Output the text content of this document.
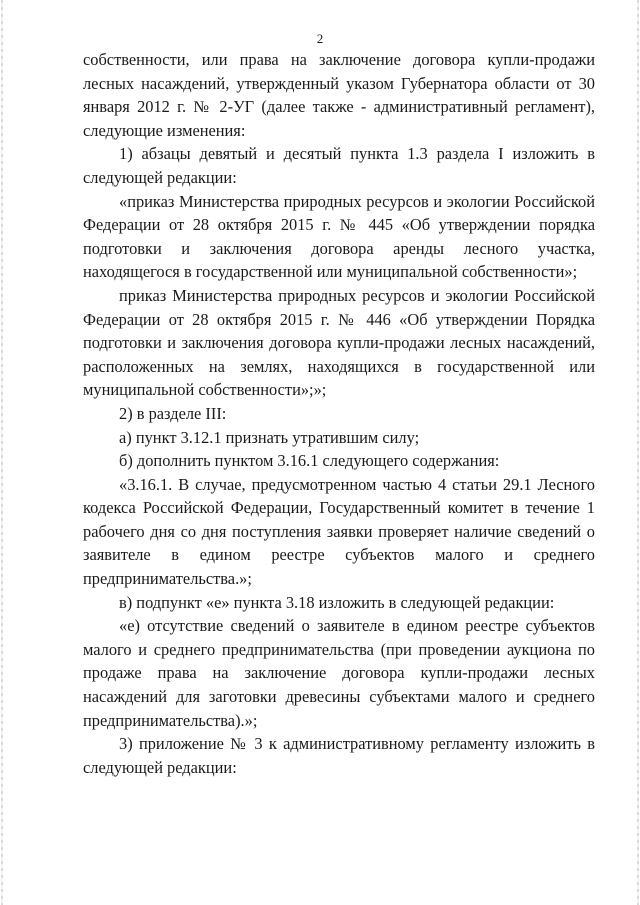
2

собственности, или права на заключение договора купли-продажи лесных насаждений, утвержденный указом Губернатора области от 30 января 2012 г. № 2-УГ (далее также - административный регламент), следующие изменения:

1) абзацы девятый и десятый пункта 1.3 раздела I изложить в следующей редакции:

«приказ Министерства природных ресурсов и экологии Российской Федерации от 28 октября 2015 г. № 445 «Об утверждении порядка подготовки и заключения договора аренды лесного участка, находящегося в государственной или муниципальной собственности»;

приказ Министерства природных ресурсов и экологии Российской Федерации от 28 октября 2015 г. № 446 «Об утверждении Порядка подготовки и заключения договора купли-продажи лесных насаждений, расположенных на землях, находящихся в государственной или муниципальной собственности»;»;

2) в разделе III:

а) пункт 3.12.1 признать утратившим силу;

б) дополнить пунктом 3.16.1 следующего содержания:

«3.16.1. В случае, предусмотренном частью 4 статьи 29.1 Лесного кодекса Российской Федерации, Государственный комитет в течение 1 рабочего дня со дня поступления заявки проверяет наличие сведений о заявителе в едином реестре субъектов малого и среднего предпринимательства.»;

в) подпункт «е» пункта 3.18 изложить в следующей редакции:

«е) отсутствие сведений о заявителе в едином реестре субъектов малого и среднего предпринимательства (при проведении аукциона по продаже права на заключение договора купли-продажи лесных насаждений для заготовки древесины субъектами малого и среднего предпринимательства).»;

3) приложение № 3 к административному регламенту изложить в следующей редакции:
